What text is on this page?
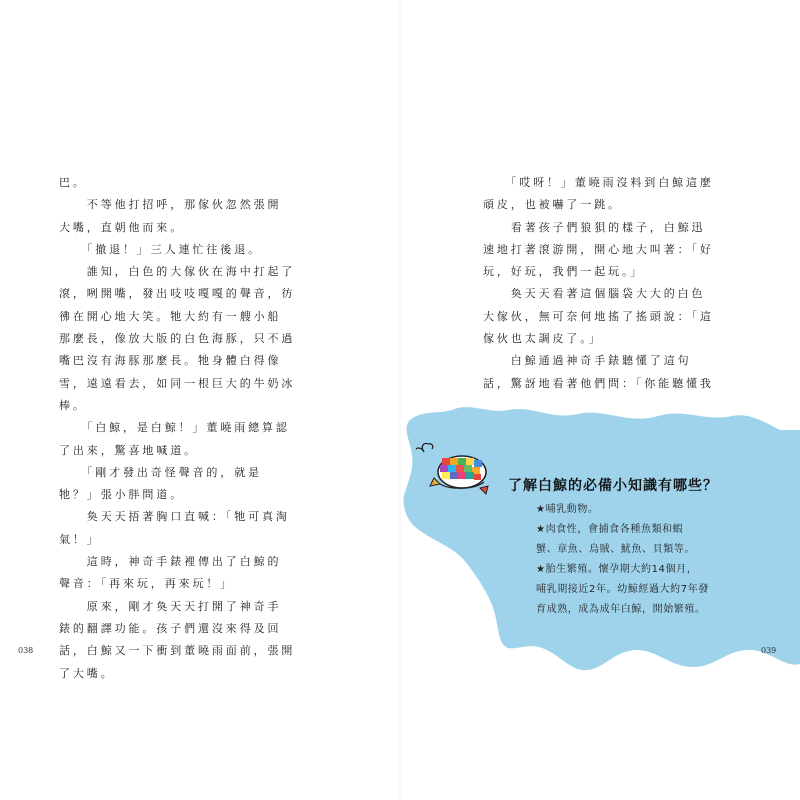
巴。
　　不等他打招呼，那傢伙忽然張開
大嘴，直朝他而來。
　　「撤退！」三人連忙往後退。
　　誰知，白色的大傢伙在海中打起了
滾，咧開嘴，發出吱吱嘎嘎的聲音，彷
彿在開心地大笑。牠大約有一艘小船
那麼長，像放大版的白色海豚，只不過
嘴巴沒有海豚那麼長。牠身體白得像
雪，遠遠看去，如同一根巨大的牛奶冰
棒。
　　「白鯨，是白鯨！」董曉雨總算認
了出來，驚喜地喊道。
　　「剛才發出奇怪聲音的，就是
牠？」張小胖問道。
　　奐天天捂著胸口直喊：「牠可真淘
氣！」
　　這時，神奇手錶裡傳出了白鯨的
聲音：「再來玩，再來玩！」
　　原來，剛才奐天天打開了神奇手
錶的翻譯功能。孩子們還沒來得及回
話，白鯨又一下衝到董曉雨面前，張開
了大嘴。
038
　　「哎呀！」董曉雨沒料到白鯨這麼
頑皮，也被嚇了一跳。
　　看著孩子們狼狽的樣子，白鯨迅
速地打著滾游開，開心地大叫著：「好
玩，好玩，我們一起玩。」
　　奐天天看著這個腦袋大大的白色
大傢伙，無可奈何地搖了搖頭說：「這
傢伙也太調皮了。」
　　白鯨通過神奇手錶聽懂了這句
話，驚訝地看著他們問：「你能聽懂我
了解白鯨的必備小知識有哪些？
★哺乳動物。
★肉食性，會捕食各種魚類和蝦
蟹、章魚、烏賊、魷魚、貝類等。
★胎生繁殖。懷孕期大約14個月，
哺乳期接近2年。幼鯨經過大約7年發
育成熟，成為成年白鯨，開始繁殖。
039
